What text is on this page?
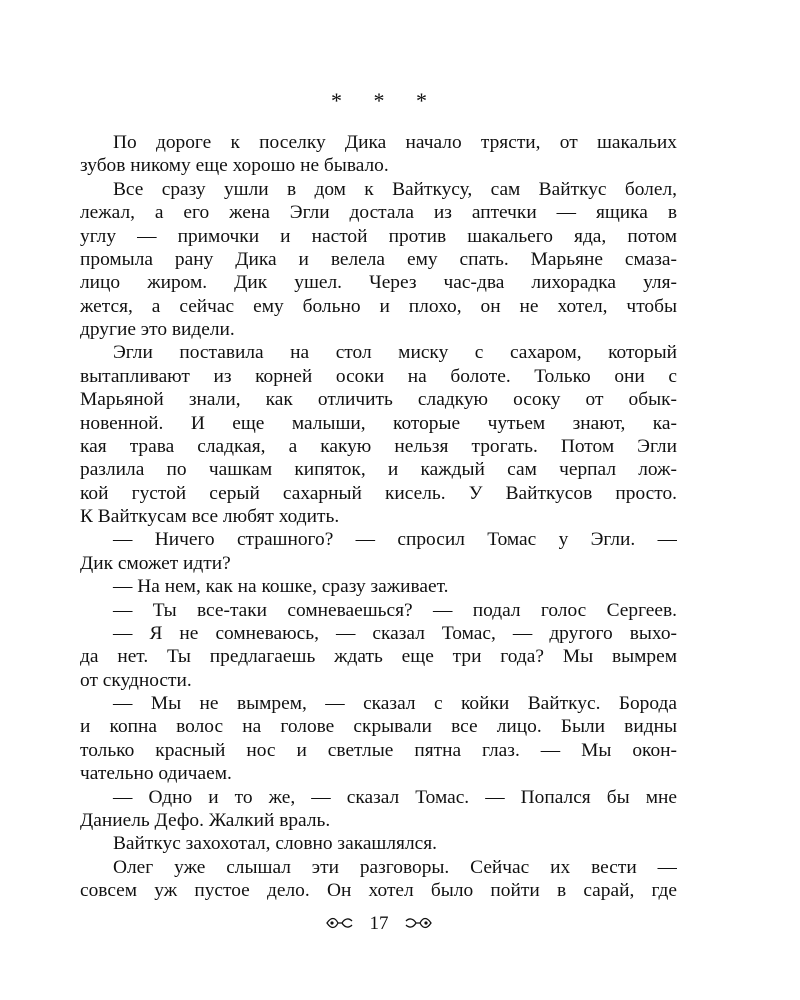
* * *
По дороге к поселку Дика начало трясти, от шакальих
зубов никому еще хорошо не бывало.
Все сразу ушли в дом к Вайткусу, сам Вайткус болел,
лежал, а его жена Эгли достала из аптечки — ящика в
углу — примочки и настой против шакальего яда, потом
промыла рану Дика и велела ему спать. Марьяне смаза-
лицо жиром. Дик ушел. Через час-два лихорадка уля-
жется, а сейчас ему больно и плохо, он не хотел, чтобы
другие это видели.
Эгли поставила на стол миску с сахаром, который
вытапливают из корней осоки на болоте. Только они с
Марьяной знали, как отличить сладкую осоку от обык-
новенной. И еще малыши, которые чутьем знают, ка-
кая трава сладкая, а какую нельзя трогать. Потом Эгли
разлила по чашкам кипяток, и каждый сам черпал лож-
кой густой серый сахарный кисель. У Вайткусов просто.
К Вайткусам все любят ходить.
— Ничего страшного? — спросил Томас у Эгли. —
Дик сможет идти?
— На нем, как на кошке, сразу заживает.
— Ты все-таки сомневаешься? — подал голос Сергеев.
— Я не сомневаюсь, — сказал Томас, — другого выхо-
да нет. Ты предлагаешь ждать еще три года? Мы вымрем
от скудности.
— Мы не вымрем, — сказал с койки Вайткус. Борода
и копна волос на голове скрывали все лицо. Были видны
только красный нос и светлые пятна глаз. — Мы окон-
чательно одичаем.
— Одно и то же, — сказал Томас. — Попался бы мне
Даниель Дефо. Жалкий враль.
Вайткус захохотал, словно закашлялся.
Олег уже слышал эти разговоры. Сейчас их вести —
совсем уж пустое дело. Он хотел было пойти в сарай, где
17
